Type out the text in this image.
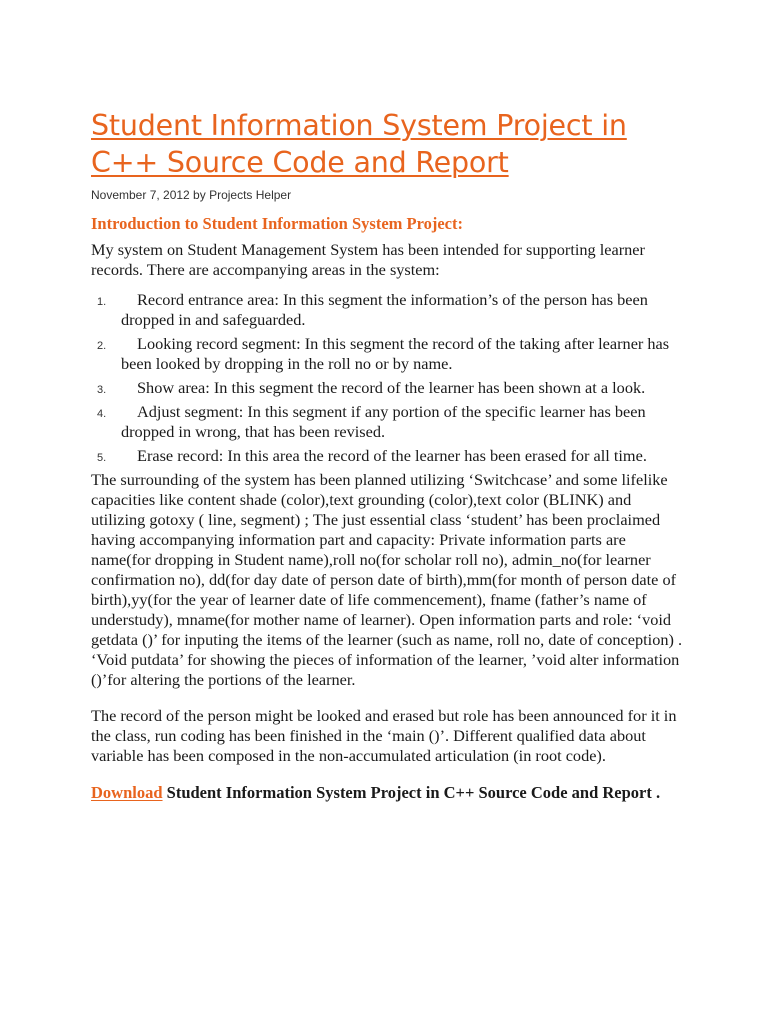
Student Information System Project in C++ Source Code and Report
November 7, 2012 by Projects Helper
Introduction to Student Information System Project:

My system on Student Management System has been intended for supporting learner records. There are accompanying areas in the system:

1.	Record entrance area: In this segment the information’s of the person has been dropped in and safeguarded.
2.	Looking record segment: In this segment the record of the taking after learner has been looked by dropping in the roll no or by name.
3.	Show area: In this segment the record of the learner has been shown at a look.
4.	Adjust segment: In this segment if any portion of the specific learner has been dropped in wrong, that has been revised.
5.	Erase record: In this area the record of the learner has been erased for all time.

The surrounding of the system has been planned utilizing ‘Switchcase’ and some lifelike capacities like content shade (color),text grounding (color),text color (BLINK) and utilizing gotoxy ( line, segment) ; The just essential class ‘student’ has been proclaimed having accompanying information part and capacity: Private information parts are name(for dropping in Student name),roll no(for scholar roll no), admin_no(for learner confirmation no), dd(for day date of person date of birth),mm(for month of person date of birth),yy(for the year of learner date of life commencement), fname (father’s name of understudy), mname(for mother name of learner). Open information parts and role: ‘void getdata ()’ for inputing the items of the learner (such as name, roll no, date of conception) . ‘Void putdata’ for showing the pieces of information of the learner, ’void alter information ()’for altering the portions of the learner.

The record of the person might be looked and erased but role has been announced for it in the class, run coding has been finished in the ‘main ()’. Different qualified data about variable has been composed in the non-accumulated articulation (in root code).

Download Student Information System Project in C++ Source Code and Report .
